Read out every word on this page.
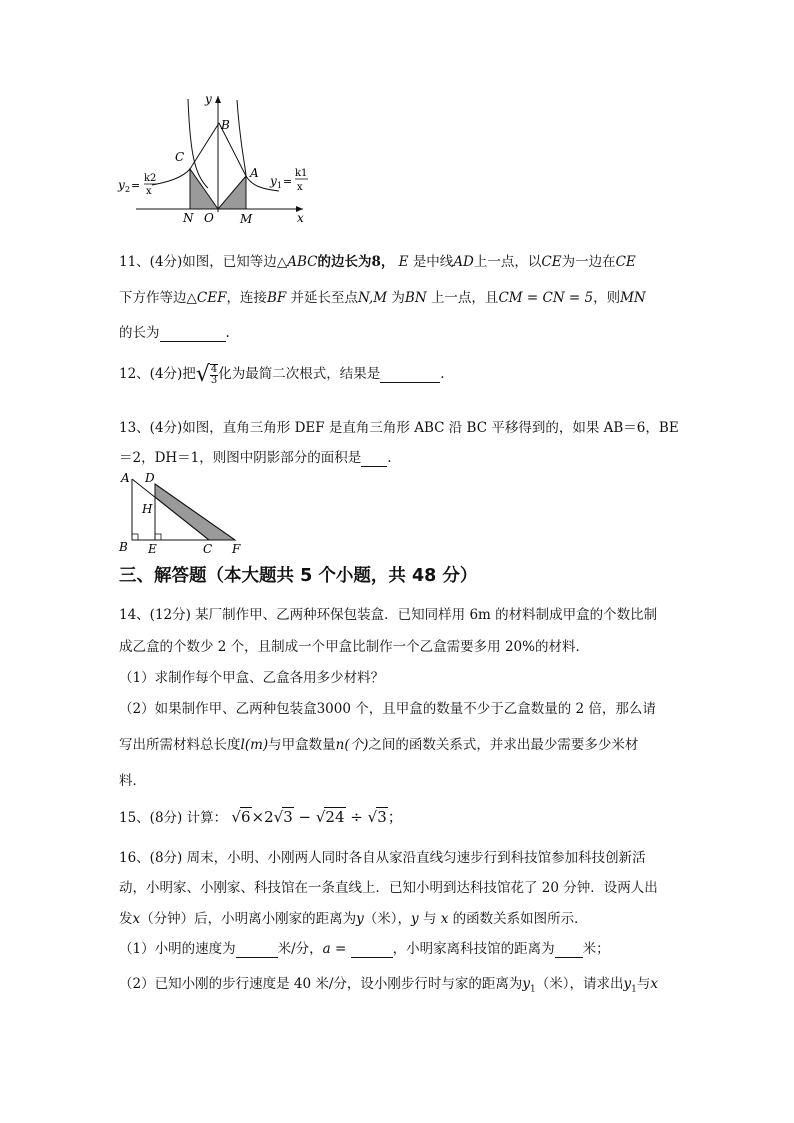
y
B
C
A
N O M	x
y 2 =
k2
x
y 1 =
k1
x
11、(4分)如图，已知等边△ABC的边长为8， E 是中线AD上一点，以CE为一边在CE
下方作等边△CEF，连接BF 并延长至点N,M 为BN 上一点，且CM = CN = 5，则MN
的长为	.
12、(4分)把√ $\frac{4}{3}$ 化为最简二次根式，结果是	.
13、(4分)如图，直角三角形 DEF 是直角三角形 ABC 沿 BC 平移得到的，如果 AB＝6，BE
＝2，DH＝1，则图中阴影部分的面积是 .
A D
H
B E	C F
三、解答题（本大题共 5 个小题，共 48 分）
14、(12分) 某厂制作甲、乙两种环保包装盒．已知同样用 6m 的材料制成甲盒的个数比制
成乙盒的个数少 2 个，且制成一个甲盒比制作一个乙盒需要多用 20%的材料．
（1）求制作每个甲盒、乙盒各用多少材料？
（2）如果制作甲、乙两种包装盒3000 个，且甲盒的数量不少于乙盒数量的 2 倍，那么请
写出所需材料总长度l(m)与甲盒数量n(个)之间的函数关系式，并求出最少需要多少米材
料．
15、(8分) 计算： √6×2√3 − √24 ÷ √3；
16、(8分) 周末，小明、小刚两人同时各自从家沿直线匀速步行到科技馆参加科技创新活
动，小明家、小刚家、科技馆在一条直线上．已知小明到达科技馆花了 20 分钟．设两人出
发x（分钟）后，小明离小刚家的距离为y（米），y 与 x 的函数关系如图所示．
（1）小明的速度为	米/分，a =	，小明家离科技馆的距离为 米；
（2）已知小刚的步行速度是 40 米/分，设小刚步行时与家的距离为$y_1$（米），请求出$y_1$与x
